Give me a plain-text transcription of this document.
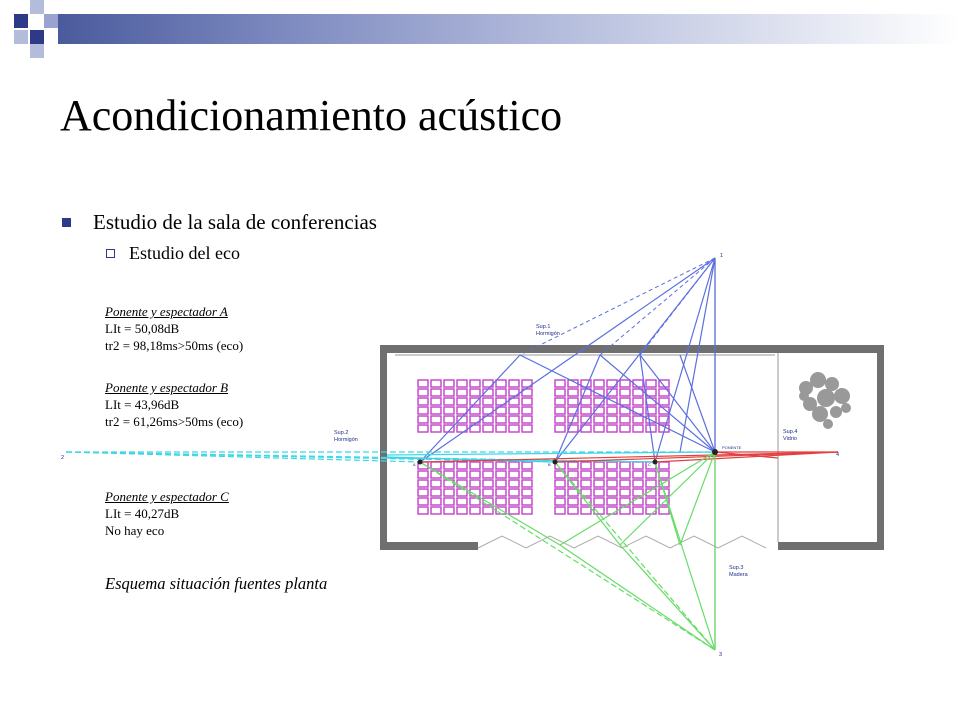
Acondicionamiento acústico
Estudio de la sala de conferencias
Estudio del eco	1
2
3
4
Sup.1
Hormigón
Sup.2
Hormigón
Sup.3
Madera
Sup.4
Vidrio
PONENTE
A	B	C
Ponente y espectador A
LIt = 50,08dB
tr2 = 98,18ms>50ms (eco)
Ponente y espectador B
LIt = 43,96dB
tr2 = 61,26ms>50ms (eco)
Ponente y espectador C
LIt = 40,27dB
No hay eco
Esquema situación fuentes planta
